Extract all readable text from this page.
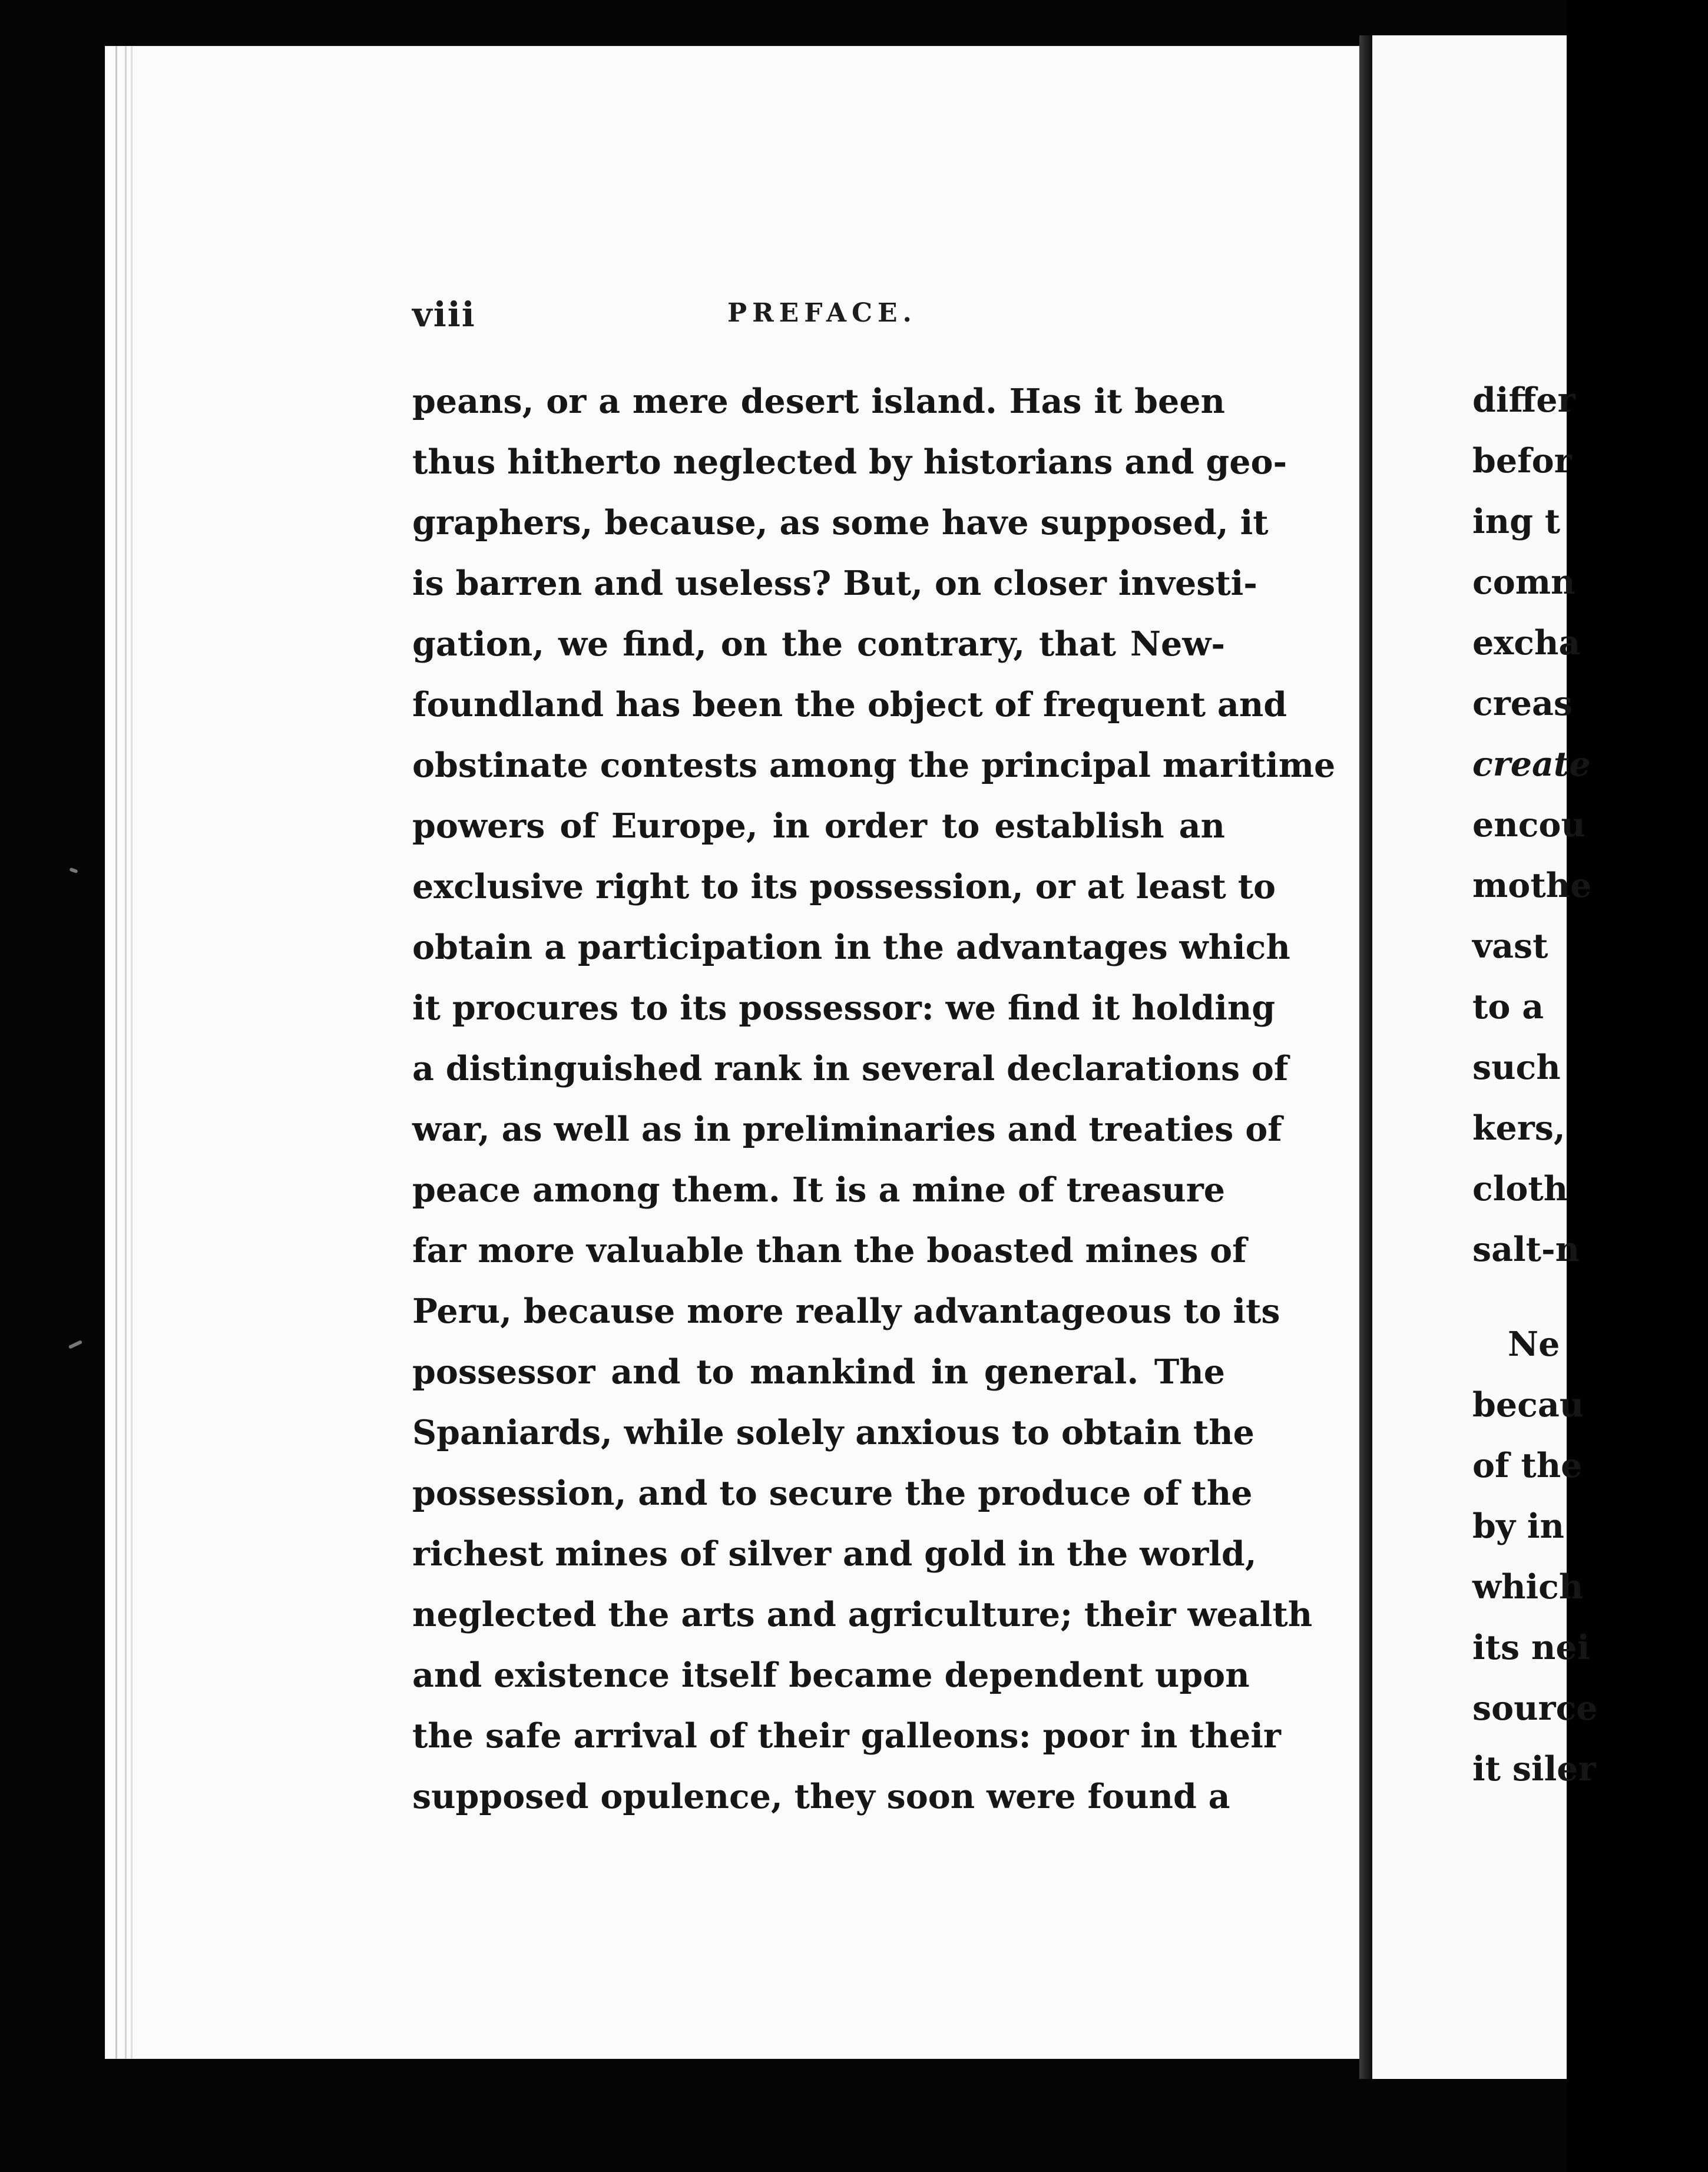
differ
befor
ing t
comn
excha
creas
create
encou
mothe
vast
to a
such
kers,
cloth
salt-n
Ne
becau
of the
by in
which
its nei
source
it siler

viii	PREFACE.

peans, or a mere desert island. Has it been
thus hitherto neglected by historians and geo-
graphers, because, as some have supposed, it
is barren and useless? But, on closer investi-
gation, we find, on the contrary, that New-
foundland has been the object of frequent and
obstinate contests among the principal maritime
powers of Europe, in order to establish an
exclusive right to its possession, or at least to
obtain a participation in the advantages which
it procures to its possessor: we find it holding
a distinguished rank in several declarations of
war, as well as in preliminaries and treaties of
peace among them. It is a mine of treasure
far more valuable than the boasted mines of
Peru, because more really advantageous to its
possessor and to mankind in general. The
Spaniards, while solely anxious to obtain the
possession, and to secure the produce of the
richest mines of silver and gold in the world,
neglected the arts and agriculture; their wealth
and existence itself became dependent upon
the safe arrival of their galleons: poor in their
supposed opulence, they soon were found a
